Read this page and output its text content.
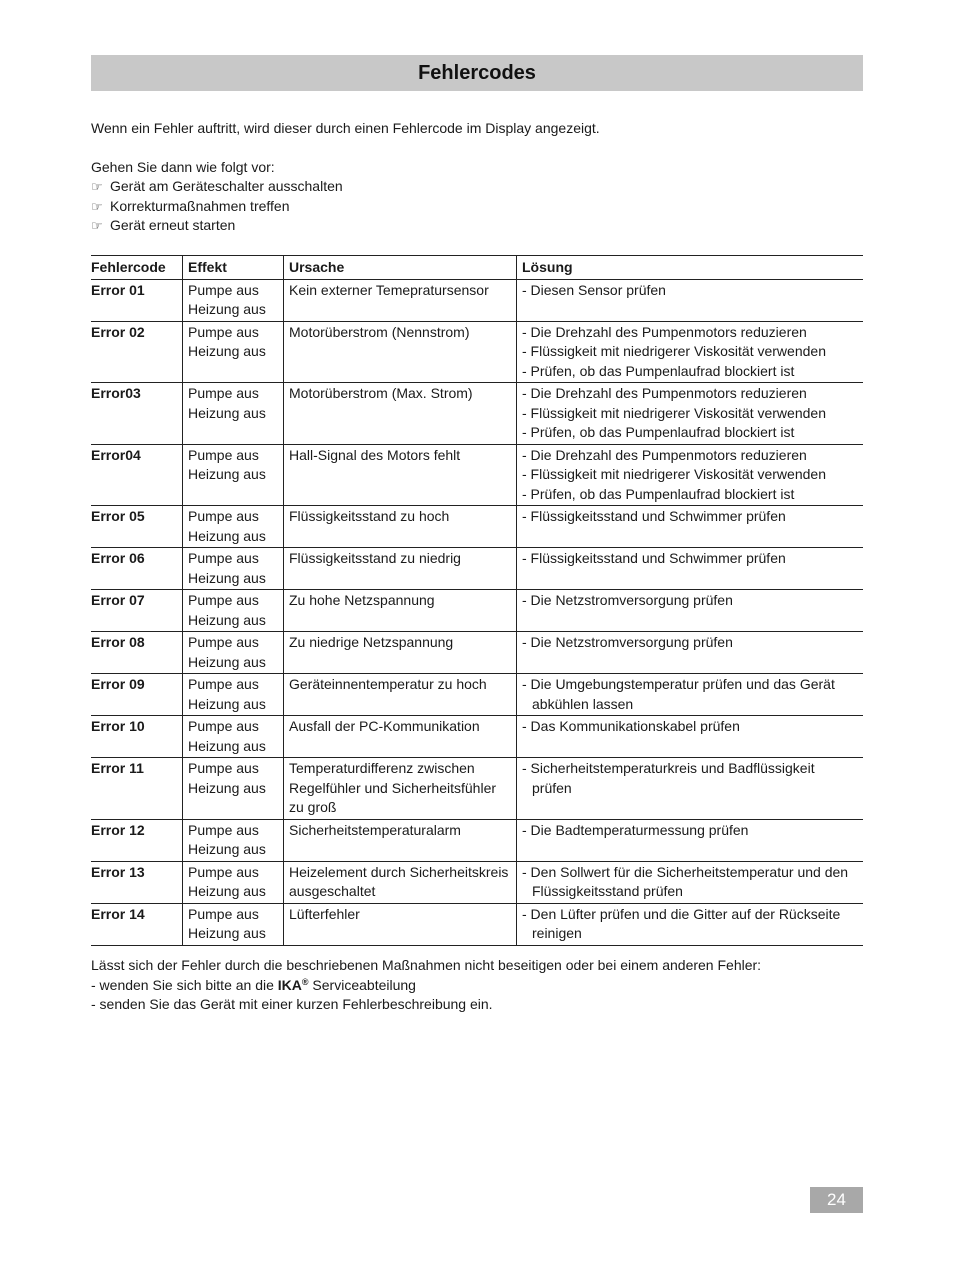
Fehlercodes

Wenn ein Fehler auftritt, wird dieser durch einen Fehlercode im Display angezeigt.

Gehen Sie dann wie folgt vor:

☞ Gerät am Geräteschalter ausschalten
☞ Korrekturmaßnahmen treffen
☞ Gerät erneut starten
Fehlercode	Effekt	Ursache	Lösung
Error 01	Pumpe aus
Heizung aus	Kein externer Temepratursensor	- Diesen Sensor prüfen

Error 02	Pumpe aus
Heizung aus	Motorüberstrom (Nennstrom)	- Die Drehzahl des Pumpenmotors reduzieren
- Flüssigkeit mit niedrigerer Viskosität verwenden
- Prüfen, ob das Pumpenlaufrad blockiert ist

Error03	Pumpe aus
Heizung aus	Motorüberstrom (Max. Strom)	- Die Drehzahl des Pumpenmotors reduzieren
- Flüssigkeit mit niedrigerer Viskosität verwenden
- Prüfen, ob das Pumpenlaufrad blockiert ist

Error04	Pumpe aus
Heizung aus	Hall-Signal des Motors fehlt	- Die Drehzahl des Pumpenmotors reduzieren
- Flüssigkeit mit niedrigerer Viskosität verwenden
- Prüfen, ob das Pumpenlaufrad blockiert ist

Error 05	Pumpe aus
Heizung aus	Flüssigkeitsstand zu hoch	- Flüssigkeitsstand und Schwimmer prüfen

Error 06	Pumpe aus
Heizung aus	Flüssigkeitsstand zu niedrig	- Flüssigkeitsstand und Schwimmer prüfen

Error 07	Pumpe aus
Heizung aus	Zu hohe Netzspannung	- Die Netzstromversorgung prüfen

Error 08	Pumpe aus
Heizung aus	Zu niedrige Netzspannung	- Die Netzstromversorgung prüfen

Error 09	Pumpe aus
Heizung aus	Geräteinnentemperatur zu hoch	- Die Umgebungstemperatur prüfen und das Gerät abkühlen lassen

Error 10	Pumpe aus
Heizung aus	Ausfall der PC-Kommunikation	- Das Kommunikationskabel prüfen

Error 11	Pumpe aus
Heizung aus	Temperaturdifferenz zwischen Regelfühler und Sicherheitsfühler zu groß	- Sicherheitstemperaturkreis und Badflüssigkeit prüfen

Error 12	Pumpe aus
Heizung aus	Sicherheitstemperaturalarm	- Die Badtemperaturmessung prüfen

Error 13	Pumpe aus
Heizung aus	Heizelement durch Sicherheitskreis ausgeschaltet	- Den Sollwert für die Sicherheitstemperatur und den Flüssigkeitsstand prüfen

Error 14	Pumpe aus
Heizung aus	Lüfterfehler	- Den Lüfter prüfen und die Gitter auf der Rückseite reinigen

Lässt sich der Fehler durch die beschriebenen Maßnahmen nicht beseitigen oder bei einem anderen Fehler:

- wenden Sie sich bitte an die IKA® Serviceabteilung

- senden Sie das Gerät mit einer kurzen Fehlerbeschreibung ein.

24
